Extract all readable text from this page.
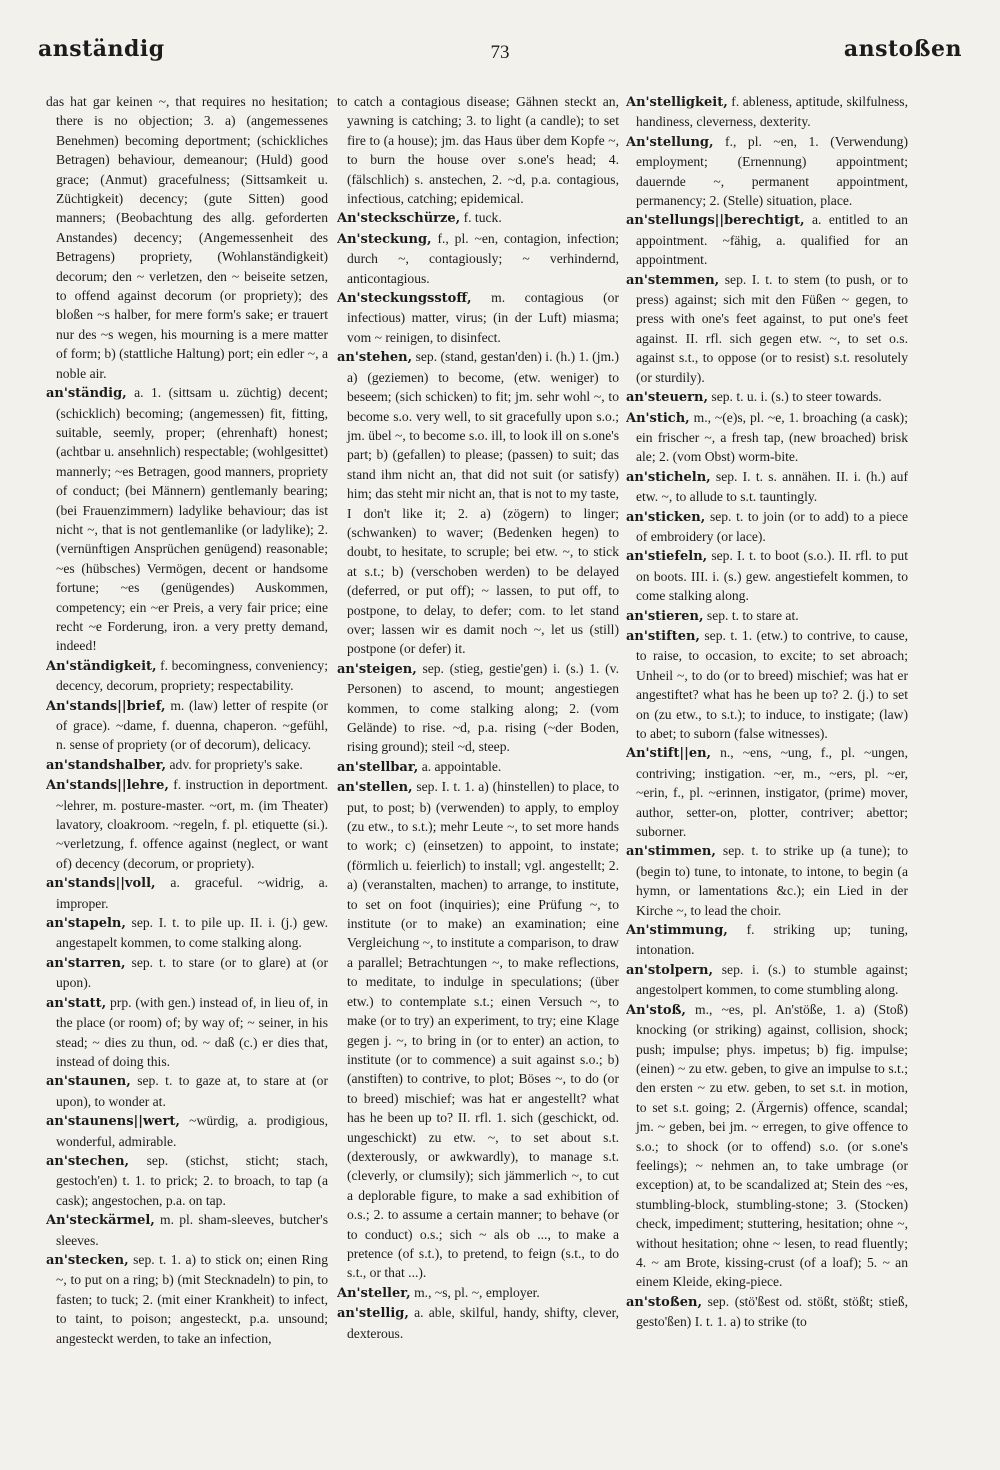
anständig	73	anstoßen

das hat gar keinen ~, that requires no hesitation; there is no objection; 3. a) (angemessenes Benehmen) becoming deportment; (schickliches Betragen) behaviour, demeanour; (Huld) good grace; (Anmut) gracefulness; (Sittsamkeit u. Züchtigkeit) decency; (gute Sitten) good manners; (Beobachtung des allg. geforderten Anstandes) decency; (Angemessenheit des Betragens) propriety, (Wohlanständigkeit) decorum; den ~ verletzen, den ~ beiseite setzen, to offend against decorum (or propriety); des bloßen ~s halber, for mere form's sake; er trauert nur des ~s wegen, his mourning is a mere matter of form; b) (stattliche Haltung) port; ein edler ~, a noble air.

an'ständig, a. 1. (sittsam u. züchtig) decent; (schicklich) becoming; (angemessen) fit, fitting, suitable, seemly, proper; (ehrenhaft) honest; (achtbar u. ansehnlich) respectable; (wohlgesittet) mannerly; ~es Betragen, good manners, propriety of conduct; (bei Männern) gentlemanly bearing; (bei Frauenzimmern) ladylike behaviour; das ist nicht ~, that is not gentlemanlike (or ladylike); 2. (vernünftigen Ansprüchen genügend) reasonable; ~es (hübsches) Vermögen, decent or handsome fortune; ~es (genügendes) Auskommen, competency; ein ~er Preis, a very fair price; eine recht ~e Forderung, iron. a very pretty demand, indeed!

An'ständigkeit, f. becomingness, conveniency; decency, decorum, propriety; respectability.

An'stands||brief, m. (law) letter of respite (or of grace). ~dame, f. duenna, chaperon. ~gefühl, n. sense of propriety (or of decorum), delicacy.

an'standshalber, adv. for propriety's sake.

An'stands||lehre, f. instruction in deportment. ~lehrer, m. posture-master. ~ort, m. (im Theater) lavatory, cloakroom. ~regeln, f. pl. etiquette (si.). ~verletzung, f. offence against (neglect, or want of) decency (decorum, or propriety).

an'stands||voll, a. graceful. ~widrig, a. improper.

an'stapeln, sep. I. t. to pile up. II. i. (j.) gew. angestapelt kommen, to come stalking along.

an'starren, sep. t. to stare (or to glare) at (or upon).

an'statt, prp. (with gen.) instead of, in lieu of, in the place (or room) of; by way of; ~ seiner, in his stead; ~ dies zu thun, od. ~ daß (c.) er dies that, instead of doing this.

an'staunen, sep. t. to gaze at, to stare at (or upon), to wonder at.

an'staunens||wert, ~würdig, a. prodigious, wonderful, admirable.

an'stechen, sep. (stichst, sticht; stach, gestoch'en) t. 1. to prick; 2. to broach, to tap (a cask); angestochen, p.a. on tap.

An'steckärmel, m. pl. sham-sleeves, butcher's sleeves.

an'stecken, sep. t. 1. a) to stick on; einen Ring ~, to put on a ring; b) (mit Stecknadeln) to pin, to fasten; to tuck; 2. (mit einer Krankheit) to infect, to taint, to poison; angesteckt, p.a. unsound; angesteckt werden, to take an infection,

to catch a contagious disease; Gähnen steckt an, yawning is catching; 3. to light (a candle); to set fire to (a house); jm. das Haus über dem Kopfe ~, to burn the house over s.one's head; 4. (fälschlich) s. anstechen, 2. ~d, p.a. contagious, infectious, catching; epidemical.

An'steckschürze, f. tuck.

An'steckung, f., pl. ~en, contagion, infection; durch ~, contagiously; ~ verhindernd, anticontagious.

An'steckungsstoff, m. contagious (or infectious) matter, virus; (in der Luft) miasma; vom ~ reinigen, to disinfect.

an'stehen, sep. (stand, gestan'den) i. (h.) 1. (jm.) a) (geziemen) to become, (etw. weniger) to beseem; (sich schicken) to fit; jm. sehr wohl ~, to become s.o. very well, to sit gracefully upon s.o.; jm. übel ~, to become s.o. ill, to look ill on s.one's part; b) (gefallen) to please; (passen) to suit; das stand ihm nicht an, that did not suit (or satisfy) him; das steht mir nicht an, that is not to my taste, I don't like it; 2. a) (zögern) to linger; (schwanken) to waver; (Bedenken hegen) to doubt, to hesitate, to scruple; bei etw. ~, to stick at s.t.; b) (verschoben werden) to be delayed (deferred, or put off); ~ lassen, to put off, to postpone, to delay, to defer; com. to let stand over; lassen wir es damit noch ~, let us (still) postpone (or defer) it.

an'steigen, sep. (stieg, gestie'gen) i. (s.) 1. (v. Personen) to ascend, to mount; angestiegen kommen, to come stalking along; 2. (vom Gelände) to rise. ~d, p.a. rising (~der Boden, rising ground); steil ~d, steep.

an'stellbar, a. appointable.

an'stellen, sep. I. t. 1. a) (hinstellen) to place, to put, to post; b) (verwenden) to apply, to employ (zu etw., to s.t.); mehr Leute ~, to set more hands to work; c) (einsetzen) to appoint, to instate; (förmlich u. feierlich) to install; vgl. angestellt; 2. a) (veranstalten, machen) to arrange, to institute, to set on foot (inquiries); eine Prüfung ~, to institute (or to make) an examination; eine Vergleichung ~, to institute a comparison, to draw a parallel; Betrachtungen ~, to make reflections, to meditate, to indulge in speculations; (über etw.) to contemplate s.t.; einen Versuch ~, to make (or to try) an experiment, to try; eine Klage gegen j. ~, to bring in (or to enter) an action, to institute (or to commence) a suit against s.o.; b) (anstiften) to contrive, to plot; Böses ~, to do (or to breed) mischief; was hat er angestellt? what has he been up to? II. rfl. 1. sich (geschickt, od. ungeschickt) zu etw. ~, to set about s.t. (dexterously, or awkwardly), to manage s.t. (cleverly, or clumsily); sich jämmerlich ~, to cut a deplorable figure, to make a sad exhibition of o.s.; 2. to assume a certain manner; to behave (or to conduct) o.s.; sich ~ als ob ..., to make a pretence (of s.t.), to pretend, to feign (s.t., to do s.t., or that ...).

An'steller, m., ~s, pl. ~, employer.

an'stellig, a. able, skilful, handy, shifty, clever, dexterous.

An'stelligkeit, f. ableness, aptitude, skilfulness, handiness, cleverness, dexterity.

An'stellung, f., pl. ~en, 1. (Verwendung) employment; (Ernennung) appointment; dauernde ~, permanent appointment, permanency; 2. (Stelle) situation, place.

an'stellungs||berechtigt, a. entitled to an appointment. ~fähig, a. qualified for an appointment.

an'stemmen, sep. I. t. to stem (to push, or to press) against; sich mit den Füßen ~ gegen, to press with one's feet against, to put one's feet against. II. rfl. sich gegen etw. ~, to set o.s. against s.t., to oppose (or to resist) s.t. resolutely (or sturdily).

an'steuern, sep. t. u. i. (s.) to steer towards.

An'stich, m., ~(e)s, pl. ~e, 1. broaching (a cask); ein frischer ~, a fresh tap, (new broached) brisk ale; 2. (vom Obst) worm-bite.

an'sticheln, sep. I. t. s. annähen. II. i. (h.) auf etw. ~, to allude to s.t. tauntingly.

an'sticken, sep. t. to join (or to add) to a piece of embroidery (or lace).

an'stiefeln, sep. I. t. to boot (s.o.). II. rfl. to put on boots. III. i. (s.) gew. angestiefelt kommen, to come stalking along.

an'stieren, sep. t. to stare at.

an'stiften, sep. t. 1. (etw.) to contrive, to cause, to raise, to occasion, to excite; to set abroach; Unheil ~, to do (or to breed) mischief; was hat er angestiftet? what has he been up to? 2. (j.) to set on (zu etw., to s.t.); to induce, to instigate; (law) to abet; to suborn (false witnesses).

An'stift||en, n., ~ens, ~ung, f., pl. ~ungen, contriving; instigation. ~er, m., ~ers, pl. ~er, ~erin, f., pl. ~erinnen, instigator, (prime) mover, author, setter-on, plotter, contriver; abettor; suborner.

an'stimmen, sep. t. to strike up (a tune); to (begin to) tune, to intonate, to intone, to begin (a hymn, or lamentations &c.); ein Lied in der Kirche ~, to lead the choir.

An'stimmung, f. striking up; tuning, intonation.

an'stolpern, sep. i. (s.) to stumble against; angestolpert kommen, to come stumbling along.

An'stoß, m., ~es, pl. An'stöße, 1. a) (Stoß) knocking (or striking) against, collision, shock; push; impulse; phys. impetus; b) fig. impulse; (einen) ~ zu etw. geben, to give an impulse to s.t.; den ersten ~ zu etw. geben, to set s.t. in motion, to set s.t. going; 2. (Ärgernis) offence, scandal; jm. ~ geben, bei jm. ~ erregen, to give offence to s.o.; to shock (or to offend) s.o. (or s.one's feelings); ~ nehmen an, to take umbrage (or exception) at, to be scandalized at; Stein des ~es, stumbling-block, stumbling-stone; 3. (Stocken) check, impediment; stuttering, hesitation; ohne ~, without hesitation; ohne ~ lesen, to read fluently; 4. ~ am Brote, kissing-crust (of a loaf); 5. ~ an einem Kleide, eking-piece.

an'stoßen, sep. (stö'ßest od. stößt, stößt; stieß, gesto'ßen) I. t. 1. a) to strike (to
